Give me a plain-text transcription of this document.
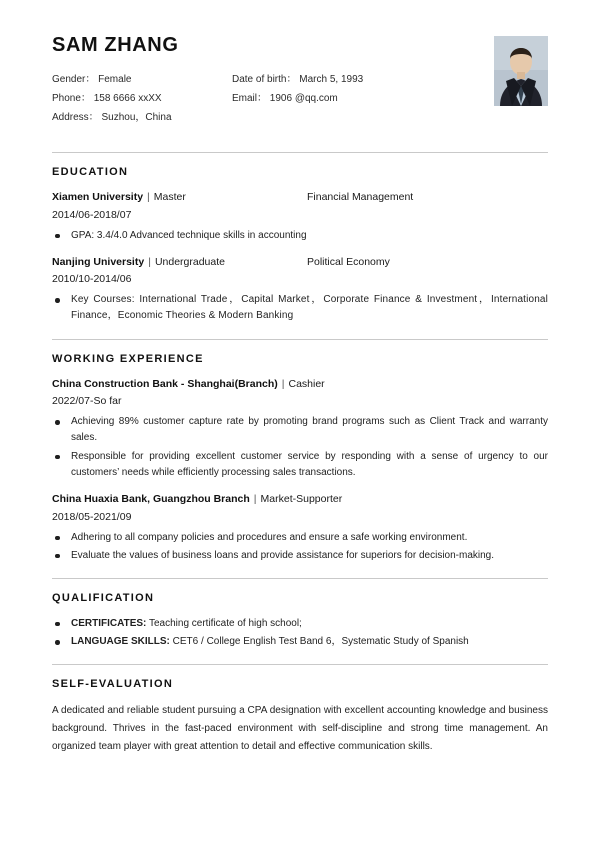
SAM ZHANG
Gender： Female	Date of birth： March 5, 1993
Phone： 158 6666 xxXX	Email： 1906 @qq.com
Address： Suzhou，China
EDUCATION
Xiamen University | Master	Financial Management
2014/06-2018/07
GPA: 3.4/4.0 Advanced technique skills in accounting
Nanjing University | Undergraduate	Political Economy
2010/10-2014/06
Key Courses: International Trade，Capital Market，Corporate Finance & Investment，International Finance，Economic Theories & Modern Banking
WORKING EXPERIENCE
China Construction Bank - Shanghai(Branch) | Cashier
2022/07-So far
Achieving 89% customer capture rate by promoting brand programs such as Client Track and warranty sales.
Responsible for providing excellent customer service by responding with a sense of urgency to our customers’ needs while efficiently processing sales transactions.
China Huaxia Bank, Guangzhou Branch | Market-Supporter
2018/05-2021/09
Adhering to all company policies and procedures and ensure a safe working environment.
Evaluate the values of business loans and provide assistance for superiors for decision-making.
QUALIFICATION
CERTIFICATES: Teaching certificate of high school;
LANGUAGE SKILLS: CET6 / College English Test Band 6，Systematic Study of Spanish
SELF-EVALUATION

A dedicated and reliable student pursuing a CPA designation with excellent accounting knowledge and business background. Thrives in the fast-paced environment with self-discipline and strong time management. An organized team player with great attention to detail and effective communication skills.
